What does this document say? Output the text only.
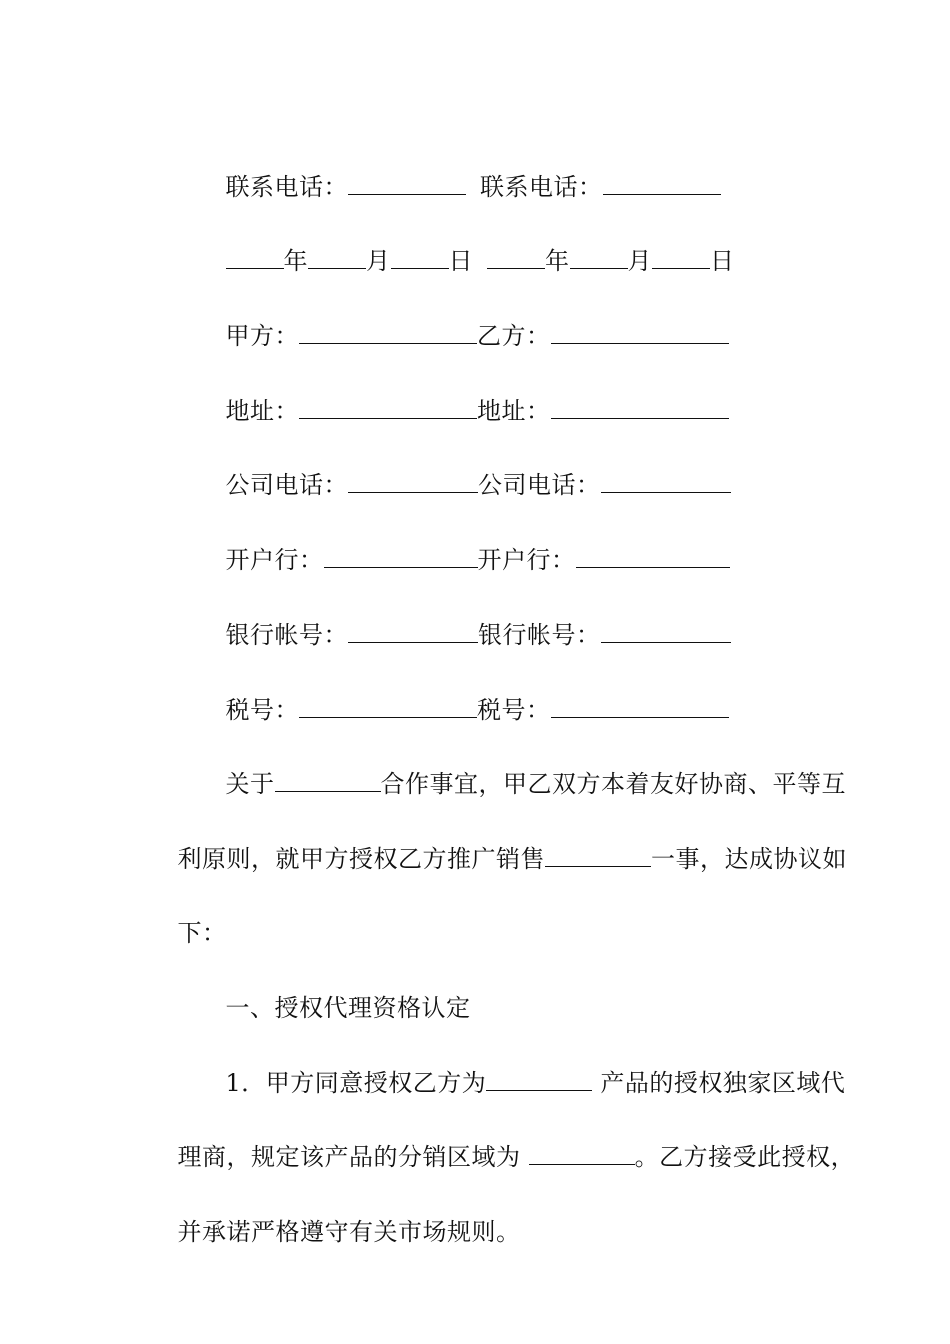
联系电话：	联系电话：

年 月 日	年 月 日

甲方：	乙方：

地址：	地址：

公司电话：	公司电话：

开户行：	开户行：

银行帐号：	银行帐号：

税号：	税号：

关于	合作事宜，甲乙双方本着友好协商、平等互

利原则，就甲方授权乙方推广销售	一事，达成协议如

下：

一、授权代理资格认定

1．甲方同意授权乙方为	产品的授权独家区域代

理商，规定该产品的分销区域为	。乙方接受此授权，

并承诺严格遵守有关市场规则。
